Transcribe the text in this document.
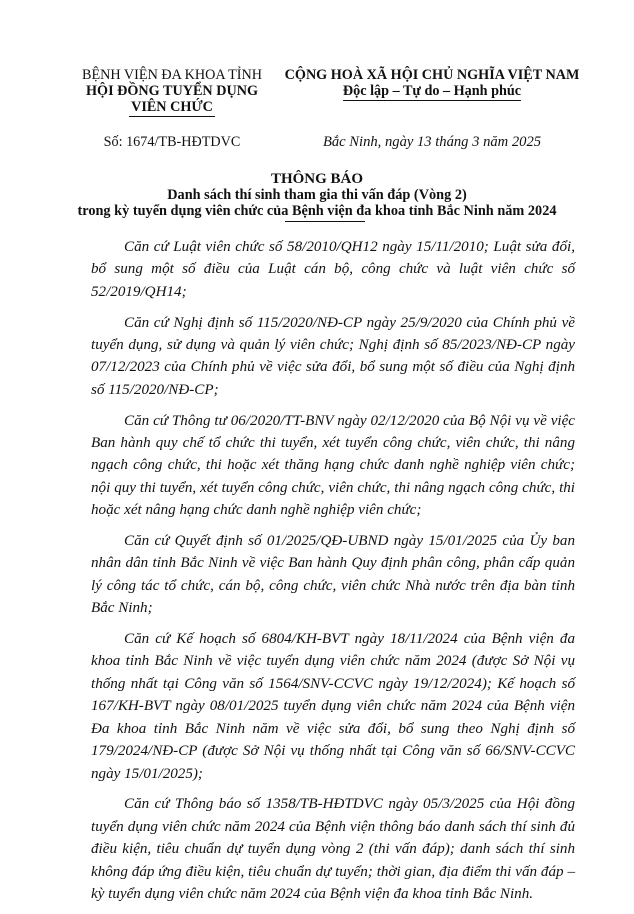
BỆNH VIỆN ĐA KHOA TỈNH
HỘI ĐỒNG TUYỂN DỤNG
VIÊN CHỨC
CỘNG HOÀ XÃ HỘI CHỦ NGHĨA VIỆT NAM
Độc lập – Tự do – Hạnh phúc
Số: 1674/TB-HĐTDVC	Bắc Ninh, ngày 13 tháng 3 năm 2025
THÔNG BÁO
Danh sách thí sinh tham gia thi vấn đáp (Vòng 2)
trong kỳ tuyển dụng viên chức của Bệnh viện đa khoa tỉnh Bắc Ninh năm 2024

Căn cứ Luật viên chức số 58/2010/QH12 ngày 15/11/2010; Luật sửa đổi, bổ sung một số điều của Luật cán bộ, công chức và luật viên chức số 52/2019/QH14;

Căn cứ Nghị định số 115/2020/NĐ-CP ngày 25/9/2020 của Chính phủ về tuyển dụng, sử dụng và quản lý viên chức; Nghị định số 85/2023/NĐ-CP ngày 07/12/2023 của Chính phủ về việc sửa đổi, bổ sung một số điều của Nghị định số 115/2020/NĐ-CP;

Căn cứ Thông tư 06/2020/TT-BNV ngày 02/12/2020 của Bộ Nội vụ về việc Ban hành quy chế tổ chức thi tuyển, xét tuyển công chức, viên chức, thi nâng ngạch công chức, thi hoặc xét thăng hạng chức danh nghề nghiệp viên chức; nội quy thi tuyển, xét tuyển công chức, viên chức, thi nâng ngạch công chức, thi hoặc xét nâng hạng chức danh nghề nghiệp viên chức;

Căn cứ Quyết định số 01/2025/QĐ-UBND ngày 15/01/2025 của Ủy ban nhân dân tỉnh Bắc Ninh về việc Ban hành Quy định phân công, phân cấp quản lý công tác tổ chức, cán bộ, công chức, viên chức Nhà nước trên địa bàn tỉnh Bắc Ninh;

Căn cứ Kế hoạch số 6804/KH-BVT ngày 18/11/2024 của Bệnh viện đa khoa tỉnh Bắc Ninh về việc tuyển dụng viên chức năm 2024 (được Sở Nội vụ thống nhất tại Công văn số 1564/SNV-CCVC ngày 19/12/2024); Kế hoạch số 167/KH-BVT ngày 08/01/2025 tuyển dụng viên chức năm 2024 của Bệnh viện Đa khoa tỉnh Bắc Ninh năm về việc sửa đổi, bổ sung theo Nghị định số 179/2024/NĐ-CP (được Sở Nội vụ thống nhất tại Công văn số 66/SNV-CCVC ngày 15/01/2025);

Căn cứ Thông báo số 1358/TB-HĐTDVC ngày 05/3/2025 của Hội đồng tuyển dụng viên chức năm 2024 của Bệnh viện thông báo danh sách thí sinh đủ điều kiện, tiêu chuẩn dự tuyển dụng vòng 2 (thi vấn đáp); danh sách thí sinh không đáp ứng điều kiện, tiêu chuẩn dự tuyển; thời gian, địa điểm thi vấn đáp – kỳ tuyển dụng viên chức năm 2024 của Bệnh viện đa khoa tỉnh Bắc Ninh.
